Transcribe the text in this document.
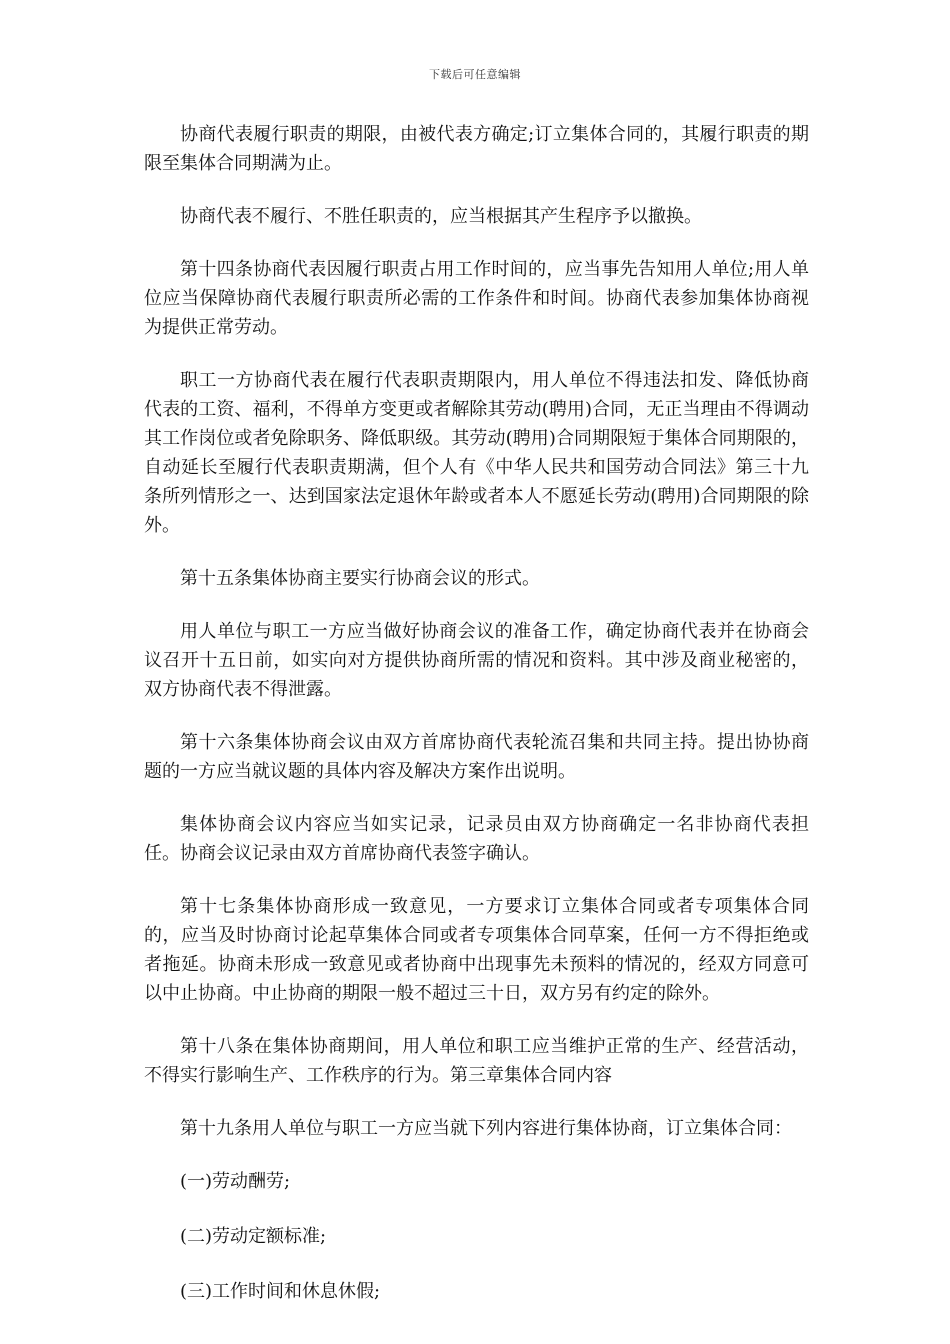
下载后可任意编辑

协商代表履行职责的期限，由被代表方确定;订立集体合同的，其履行职责的期限至集体合同期满为止。

协商代表不履行、不胜任职责的，应当根据其产生程序予以撤换。

第十四条协商代表因履行职责占用工作时间的，应当事先告知用人单位;用人单位应当保障协商代表履行职责所必需的工作条件和时间。协商代表参加集体协商视为提供正常劳动。

职工一方协商代表在履行代表职责期限内，用人单位不得违法扣发、降低协商代表的工资、福利，不得单方变更或者解除其劳动(聘用)合同，无正当理由不得调动其工作岗位或者免除职务、降低职级。其劳动(聘用)合同期限短于集体合同期限的，自动延长至履行代表职责期满，但个人有《中华人民共和国劳动合同法》第三十九条所列情形之一、达到国家法定退休年龄或者本人不愿延长劳动(聘用)合同期限的除外。

第十五条集体协商主要实行协商会议的形式。

用人单位与职工一方应当做好协商会议的准备工作，确定协商代表并在协商会议召开十五日前，如实向对方提供协商所需的情况和资料。其中涉及商业秘密的，双方协商代表不得泄露。

第十六条集体协商会议由双方首席协商代表轮流召集和共同主持。提出协协商题的一方应当就议题的具体内容及解决方案作出说明。

集体协商会议内容应当如实记录，记录员由双方协商确定一名非协商代表担任。协商会议记录由双方首席协商代表签字确认。

第十七条集体协商形成一致意见，一方要求订立集体合同或者专项集体合同的，应当及时协商讨论起草集体合同或者专项集体合同草案，任何一方不得拒绝或者拖延。协商未形成一致意见或者协商中出现事先未预料的情况的，经双方同意可以中止协商。中止协商的期限一般不超过三十日，双方另有约定的除外。

第十八条在集体协商期间，用人单位和职工应当维护正常的生产、经营活动，不得实行影响生产、工作秩序的行为。第三章集体合同内容

第十九条用人单位与职工一方应当就下列内容进行集体协商，订立集体合同：

(一)劳动酬劳;

(二)劳动定额标准;

(三)工作时间和休息休假;
